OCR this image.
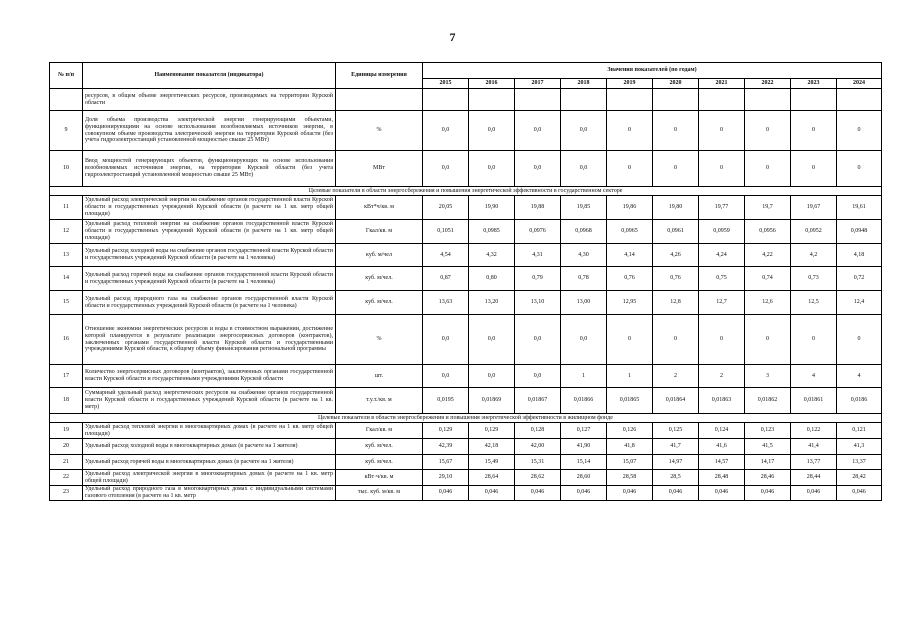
7
№ п/п	Наименование показателя (индикатора)	Единицы измерения	Значения показателей (по годам)									
			2015	2016	2017	2018	2019	2020	2021	2022	2023	2024
	ресурсов, в общем объеме энергетических ресурсов, производимых на территории Курской области											
9	Доля объема производства электрической энергии генерирующими объектами, функционирующими на основе использования возобновляемых источников энергии, в совокупном объеме производства электрической энергии на территории Курской области (без учета гидроэлектростанций установленной мощностью свыше 25 МВт)	%	0,0	0,0	0,0	0,0	0	0	0	0	0	0
10	Ввод мощностей генерирующих объектов, функционирующих на основе использования возобновляемых источников энергии, на территории Курской области (без учета гидроэлектростанций установленной мощностью свыше 25 МВт)	МВт	0,0	0,0	0,0	0,0	0	0	0	0	0	0
Целевые показатели в области энергосбережения и повышения энергетической эффективности в государственном секторе												
11	Удельный расход электрической энергии на снабжение органов государственной власти Курской области и государственных учреждений Курской области (в расчете на 1 кв. метр общей площади)	кВт*ч/кв. м	20,05	19,90	19,88	19,85	19,86	19,80	19,77	19,7	19,67	19,61
12	Удельный расход тепловой энергии на снабжение органов государственной власти Курской области и государственных учреждений Курской области (в расчете на 1 кв. метр общей площади)	Гкал/кв. м	0,1051	0,0985	0,0976	0,0968	0,0965	0,0961	0,0959	0,0956	0,0952	0,0948
13	Удельный расход холодной воды на снабжение органов государственной власти Курской области и государственных учреждений Курской области (в расчете на 1 человека)	куб. м/чел	4,54	4,32	4,31	4,30	4,14	4,26	4,24	4,22	4,2	4,18
14	Удельный расход горячей воды на снабжение органов государственной власти Курской области и государственных учреждений Курской области (в расчете на 1 человека)	куб. м/чел.	0,87	0,80	0,79	0,78	0,76	0,76	0,75	0,74	0,73	0,72
15	Удельный расход природного газа на снабжение органов государственной власти Курской области и государственных учреждений Курской области (в расчете на 1 человека)	куб. м/чел.	13,63	13,20	13,10	13,00	12,95	12,8	12,7	12,6	12,5	12,4
16	Отношение экономии энергетических ресурсов и воды в стоимостном выражении, достижение которой планируется в результате реализации энергосервисных договоров (контрактов), заключенных органами государственной власти Курской области и государственными учреждениями Курской области, к общему объему финансирования региональной программы	%	0,0	0,0	0,0	0,0	0	0	0	0	0	0
17	Количество энергосервисных договоров (контрактов), заключенных органами государственной власти Курской области и государственными учреждениями Курской области	шт.	0,0	0,0	0,0	1	1	2	2	3	4	4
18	Суммарный удельный расход энергетических ресурсов на снабжение органов государственной власти Курской области и государственных учреждений Курской области (в расчете на 1 кв. метр)	т.у.т./кв. м	0,0195	0,01869	0,01867	0,01866	0,01865	0,01864	0,01863	0,01862	0,01861	0,0186
Целевые показатели в области энергосбережения и повышения энергетической эффективности в жилищном фонде												
19	Удельный расход тепловой энергии в многоквартирных домах (в расчете на 1 кв. метр общей площади)	Гкал/кв. м	0,129	0,129	0,128	0,127	0,126	0,125	0,124	0,123	0,122	0,121
20	Удельный расход холодной воды в многоквартирных домах (в расчете на 1 жителя)	куб. м/чел.	42,39	42,18	42,00	41,90	41,8	41,7	41,6	41,5	41,4	41,3
21	Удельный расход горячей воды в многоквартирных домах (в расчете на 1 жителя)	куб. м/чел.	15,67	15,49	15,31	15,14	15,07	14,97	14,57	14,17	13,77	13,37
22	Удельный расход электрической энергии в многоквартирных домах (в расчете на 1 кв. метр общей площади)	кВт·ч/кв. м	29,10	28,64	28,62	28,60	28,58	28,5	28,48	28,46	28,44	28,42
23	Удельный расход природного газа в многоквартирных домах с индивидуальными системами газового отопления (в расчете на 1 кв. метр	тыс. куб. м/кв. м	0,046	0,046	0,046	0,046	0,046	0,046	0,046	0,046	0,046	0,046
